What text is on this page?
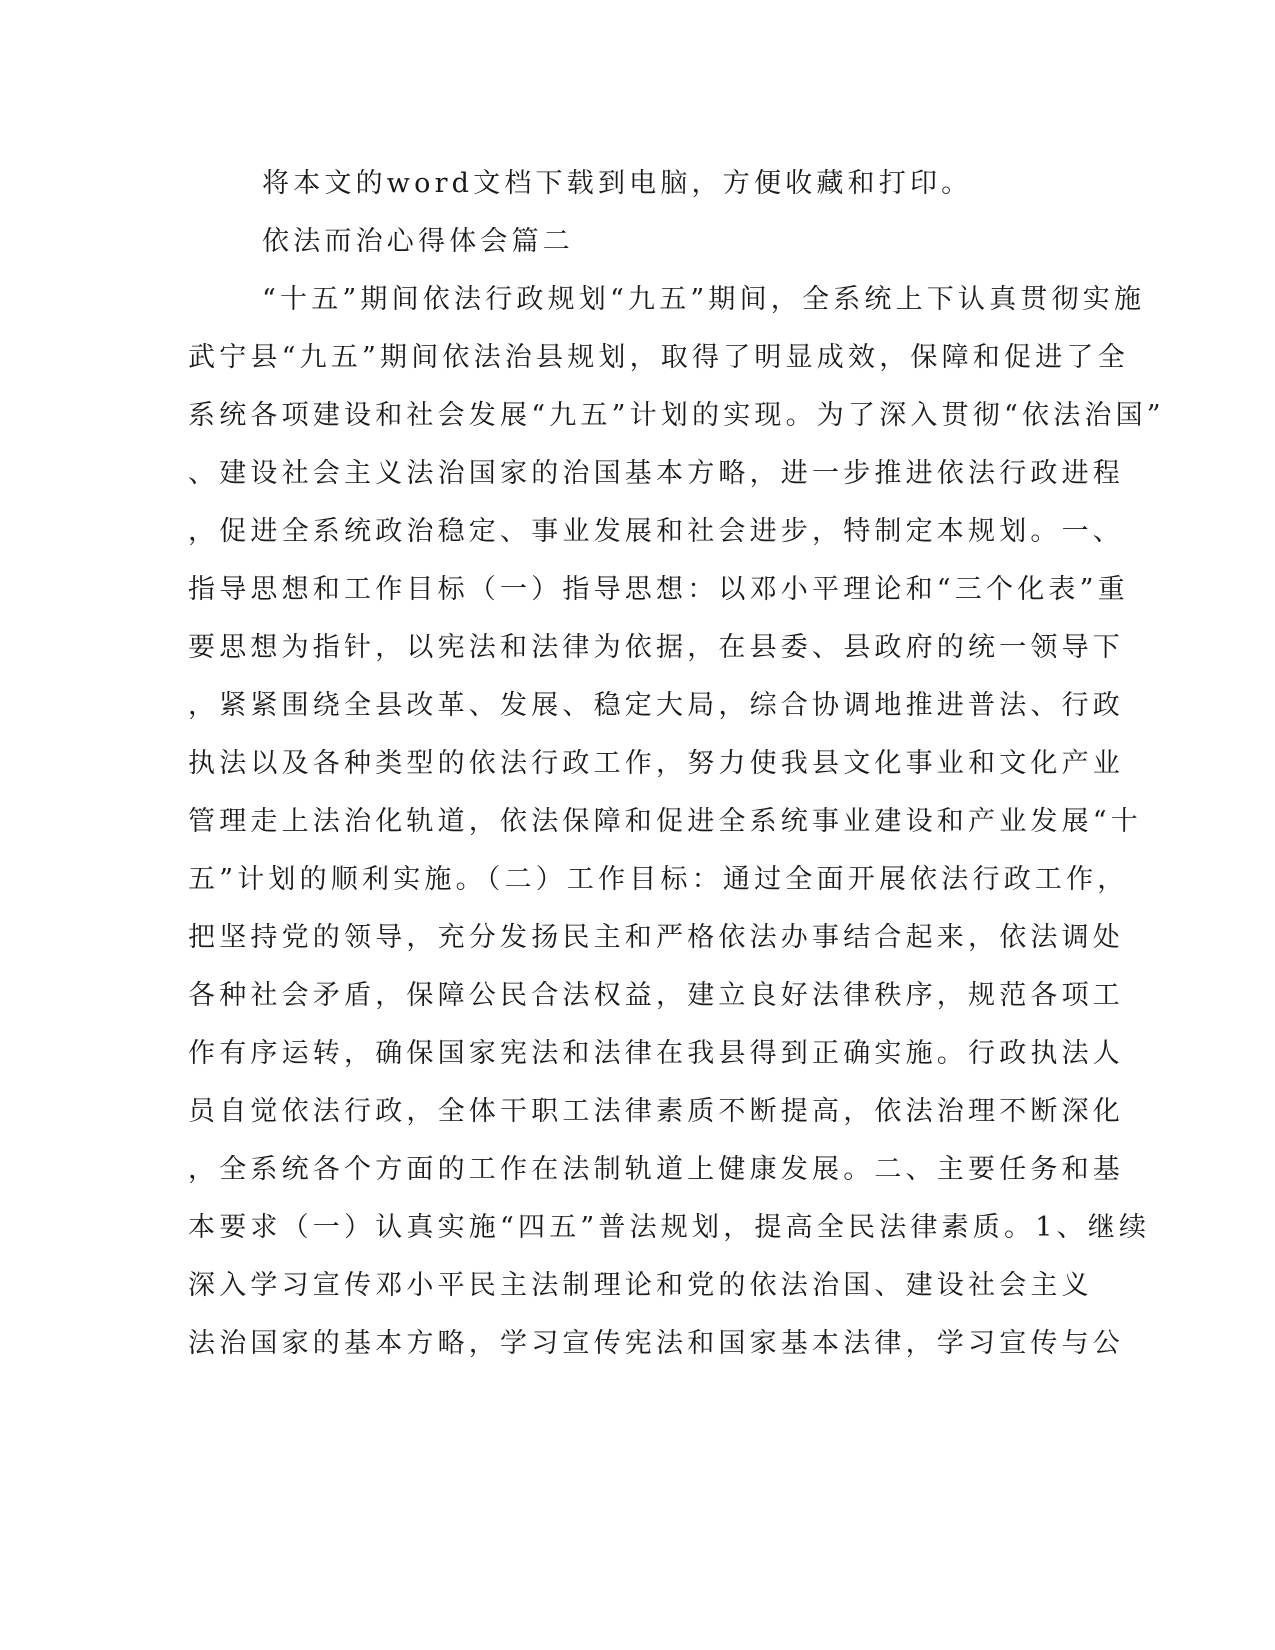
将本文的word文档下载到电脑，方便收藏和打印。

依法而治心得体会篇二

“十五”期间依法行政规划“九五”期间，全系统上下认真贯彻实施

武宁县“九五”期间依法治县规划，取得了明显成效，保障和促进了全

系统各项建设和社会发展“九五”计划的实现。为了深入贯彻“依法治国”

、建设社会主义法治国家的治国基本方略，进一步推进依法行政进程

，促进全系统政治稳定、事业发展和社会进步，特制定本规划。一、

指导思想和工作目标（一）指导思想：以邓小平理论和“三个化表”重

要思想为指针，以宪法和法律为依据，在县委、县政府的统一领导下

，紧紧围绕全县改革、发展、稳定大局，综合协调地推进普法、行政

执法以及各种类型的依法行政工作，努力使我县文化事业和文化产业

管理走上法治化轨道，依法保障和促进全系统事业建设和产业发展“十

五”计划的顺利实施。（二）工作目标：通过全面开展依法行政工作，

把坚持党的领导，充分发扬民主和严格依法办事结合起来，依法调处

各种社会矛盾，保障公民合法权益，建立良好法律秩序，规范各项工

作有序运转，确保国家宪法和法律在我县得到正确实施。行政执法人

员自觉依法行政，全体干职工法律素质不断提高，依法治理不断深化

，全系统各个方面的工作在法制轨道上健康发展。二、主要任务和基

本要求（一）认真实施“四五”普法规划，提高全民法律素质。1、继续

深入学习宣传邓小平民主法制理论和党的依法治国、建设社会主义

法治国家的基本方略，学习宣传宪法和国家基本法律，学习宣传与公
